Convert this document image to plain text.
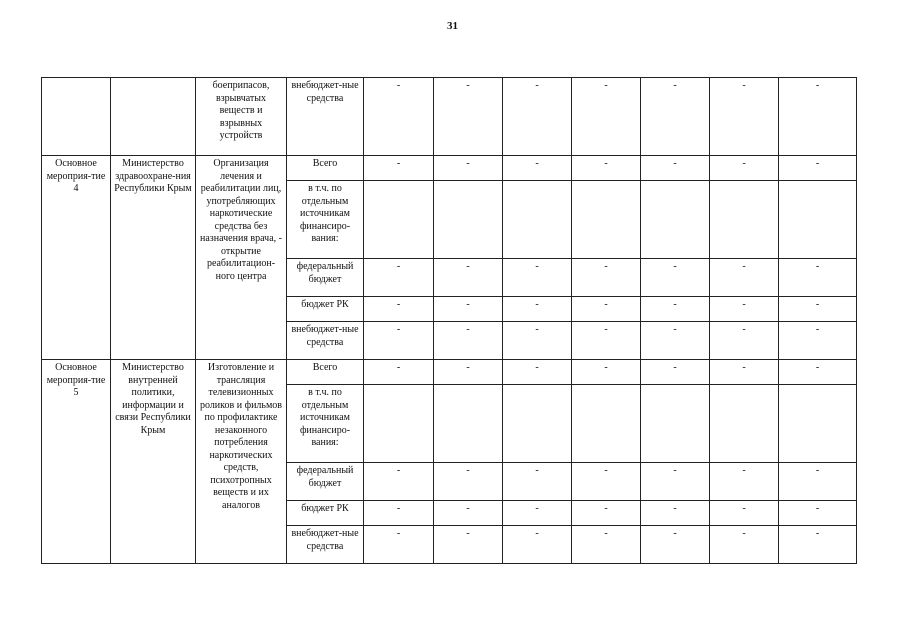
31
		боеприпасов, взрывчатых веществ и взрывных устройств	внебюджет-ные средства	-	-	-	-	-	-	-
Основное мероприя-тие 4	Министерство здравоохране-ния Республики Крым	Организация лечения и реабилитации лиц, употребляющих наркотические средства без назначения врача, - открытие реабилитацион-ного центра	Всего	-	-	-	-	-	-	-
			в т.ч. по отдельным источникам финансиро-вания:							
			федеральный бюджет	-	-	-	-	-	-	-
			бюджет РК	-	-	-	-	-	-	-
			внебюджет-ные средства	-	-	-	-	-	-	-
Основное мероприя-тие 5	Министерство внутренней политики, информации и связи Республики Крым	Изготовление и трансляция телевизионных роликов и фильмов по профилактике незаконного потребления наркотических средств, психотропных веществ и их аналогов	Всего	-	-	-	-	-	-	-
			в т.ч. по отдельным источникам финансиро-вания:							
			федеральный бюджет	-	-	-	-	-	-	-
			бюджет РК	-	-	-	-	-	-	-
			внебюджет-ные средства	-	-	-	-	-	-	-
